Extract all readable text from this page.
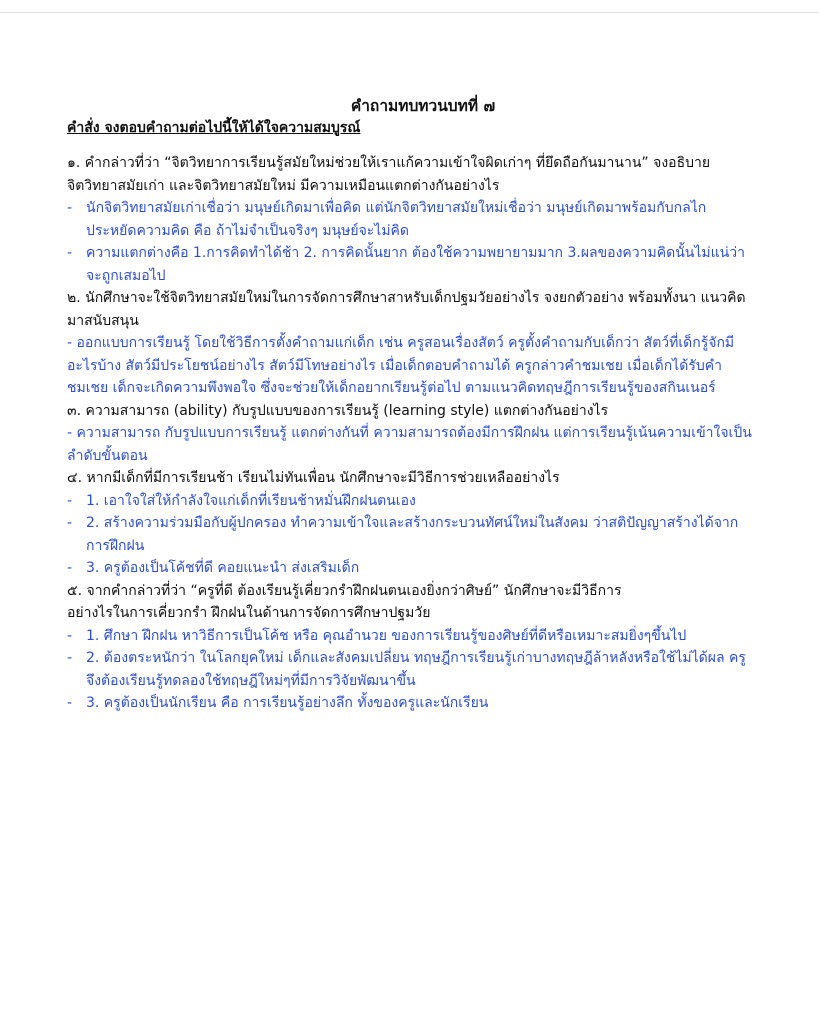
คำถามทบทวนบทที่ ๗
คำสั่ง จงตอบคำถามต่อไปนี้ให้ได้ใจความสมบูรณ์
๑. คำกล่าวที่ว่า “จิตวิทยาการเรียนรู้สมัยใหม่ช่วยให้เราแก้ความเข้าใจผิดเก่าๆ ที่ยึดถือกันมานาน” จงอธิบาย จิตวิทยาสมัยเก่า และจิตวิทยาสมัยใหม่ มีความเหมือนแตกต่างกันอย่างไร
- นักจิตวิทยาสมัยเก่าเชื่อว่า มนุษย์เกิดมาเพื่อคิด แต่นักจิตวิทยาสมัยใหม่เชื่อว่า มนุษย์เกิดมาพร้อมกับกลไก ประหยัดความคิด คือ ถ้าไม่จำเป็นจริงๆ มนุษย์จะไม่คิด
- ความแตกต่างคือ 1.การคิดทำได้ช้า 2. การคิดนั้นยาก ต้องใช้ความพยายามมาก 3.ผลของความคิดนั้นไม่แน่ว่าจะถูกเสมอไป
๒. นักศึกษาจะใช้จิตวิทยาสมัยใหม่ในการจัดการศึกษาสาหรับเด็กปฐมวัยอย่างไร จงยกตัวอย่าง พร้อมทั้งนา แนวคิดมาสนับสนุน
- ออกแบบการเรียนรู้ โดยใช้วิธีการตั้งคำถามแก่เด็ก เช่น ครูสอนเรื่องสัตว์ ครูตั้งคำถามกับเด็กว่า สัตว์ที่เด็กรู้จักมีอะไรบ้าง สัตว์มีประโยชน์อย่างไร สัตว์มีโทษอย่างไร เมื่อเด็กตอบคำถามได้ ครูกล่าวคำชมเชย เมื่อเด็กได้รับคำชมเชย เด็กจะเกิดความพึงพอใจ ซึ่งจะช่วยให้เด็กอยากเรียนรู้ต่อไป ตามแนวคิดทฤษฎีการเรียนรู้ของสกินเนอร์
๓. ความสามารถ (ability) กับรูปแบบของการเรียนรู้ (learning style) แตกต่างกันอย่างไร
- ความสามารถ กับรูปแบบการเรียนรู้ แตกต่างกันที่ ความสามารถต้องมีการฝึกฝน แต่การเรียนรู้เน้นความเข้าใจเป็นลำดับขั้นตอน
๔. หากมีเด็กที่มีการเรียนช้า เรียนไม่ทันเพื่อน นักศึกษาจะมีวิธีการช่วยเหลืออย่างไร
- 1. เอาใจใส่ให้กำลังใจแก่เด็กที่เรียนช้าหมั่นฝึกฝนตนเอง
- 2. สร้างความร่วมมือกับผู้ปกครอง ทำความเข้าใจและสร้างกระบวนทัศน์ใหม่ในสังคม ว่าสติปัญญาสร้างได้จากการฝึกฝน
- 3. ครูต้องเป็นโค้ชที่ดี คอยแนะนำ ส่งเสริมเด็ก
๕. จากคำกล่าวที่ว่า “ครูที่ดี ต้องเรียนรู้เคี่ยวกรำฝึกฝนตนเองยิ่งกว่าศิษย์” นักศึกษาจะมีวิธีการ
อย่างไรในการเคี่ยวกรำ ฝึกฝนในด้านการจัดการศึกษาปฐมวัย
- 1. ศึกษา ฝึกฝน หาวิธีการเป็นโค้ช หรือ คุณอำนวย ของการเรียนรู้ของศิษย์ที่ดีหรือเหมาะสมยิ่งๆขึ้นไป
- 2. ต้องตระหนักว่า ในโลกยุคใหม่ เด็กและสังคมเปลี่ยน ทฤษฎีการเรียนรู้เก่าบางทฤษฎีล้าหลังหรือใช้ไม่ได้ผล ครูจึงต้องเรียนรู้ทดลองใช้ทฤษฎีใหม่ๆที่มีการวิจัยพัฒนาขึ้น
- 3. ครูต้องเป็นนักเรียน คือ การเรียนรู้อย่างลึก ทั้งของครูและนักเรียน
